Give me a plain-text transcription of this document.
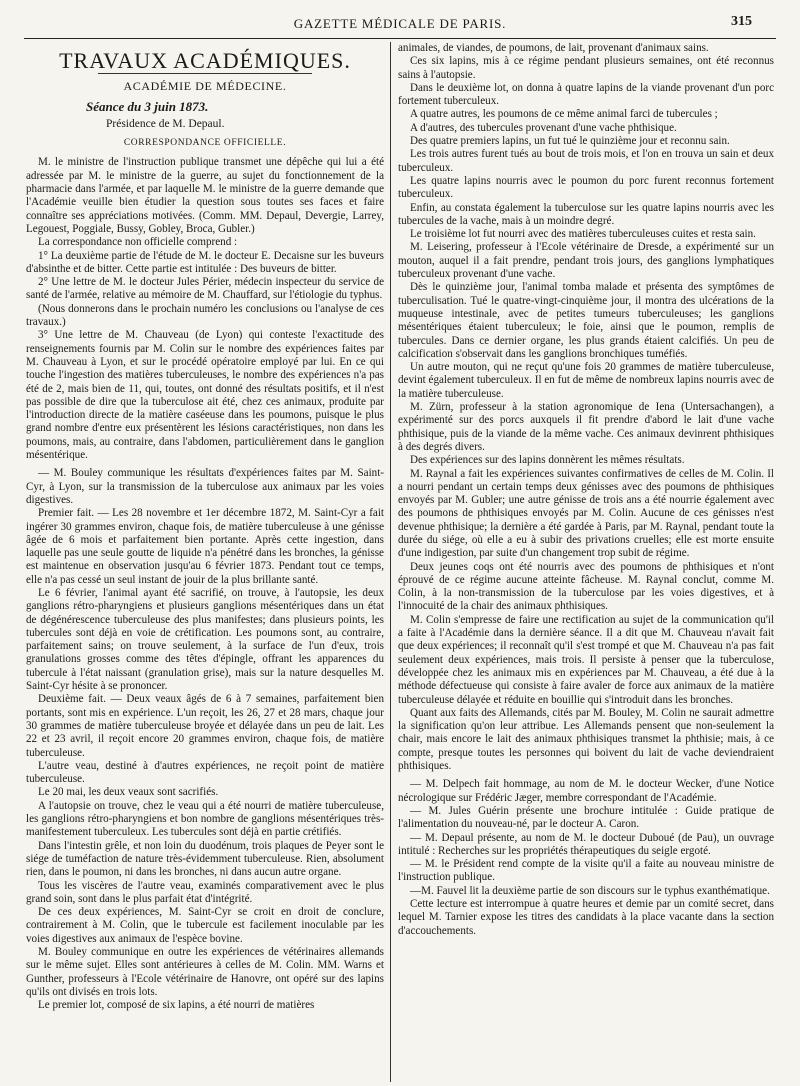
GAZETTE MÉDICALE DE PARIS.	315
TRAVAUX ACADÉMIQUES.
ACADÉMIE DE MÉDECINE.
Séance du 3 juin 1873.
Présidence de M. Depaul.
CORRESPONDANCE OFFICIELLE.

M. le ministre de l'instruction publique transmet une dépêche qui lui a été adressée par M. le ministre de la guerre, au sujet du fonctionnement de la pharmacie dans l'armée, et par laquelle M. le ministre de la guerre demande que l'Académie veuille bien étudier la question sous toutes ses faces et faire connaître ses appréciations motivées. (Comm. MM. Depaul, Devergie, Larrey, Legouest, Poggiale, Bussy, Gobley, Broca, Gubler.)

La correspondance non officielle comprend :

1° La deuxième partie de l'étude de M. le docteur E. Decaisne sur les buveurs d'absinthe et de bitter. Cette partie est intitulée : Des buveurs de bitter.

2° Une lettre de M. le docteur Jules Périer, médecin inspecteur du service de santé de l'armée, relative au mémoire de M. Chauffard, sur l'étiologie du typhus.

(Nous donnerons dans le prochain numéro les conclusions ou l'analyse de ces travaux.)

3° Une lettre de M. Chauveau (de Lyon) qui conteste l'exactitude des renseignements fournis par M. Colin sur le nombre des expériences faites par M. Chauveau à Lyon, et sur le procédé opératoire employé par lui. En ce qui touche l'ingestion des matières tuberculeuses, le nombre des expériences n'a pas été de 2, mais bien de 11, qui, toutes, ont donné des résultats positifs, et il n'est pas possible de dire que la tuberculose ait été, chez ces animaux, produite par l'introduction directe de la matière caséeuse dans les poumons, puisque le plus grand nombre d'entre eux présentèrent les lésions caractéristiques, non dans les poumons, mais, au contraire, dans l'abdomen, particulièrement dans le ganglion mésentérique.

— M. Bouley communique les résultats d'expériences faites par M. Saint-Cyr, à Lyon, sur la transmission de la tuberculose aux animaux par les voies digestives.

Premier fait. — Les 28 novembre et 1er décembre 1872, M. Saint-Cyr a fait ingérer 30 grammes environ, chaque fois, de matière tuberculeuse à une génisse âgée de 6 mois et parfaitement bien portante. Après cette ingestion, dans laquelle pas une seule goutte de liquide n'a pénétré dans les bronches, la génisse est maintenue en observation jusqu'au 6 février 1873. Pendant tout ce temps, elle n'a pas cessé un seul instant de jouir de la plus brillante santé.

Le 6 février, l'animal ayant été sacrifié, on trouve, à l'autopsie, les deux ganglions rétro-pharyngiens et plusieurs ganglions mésentériques dans un état de dégénérescence tuberculeuse des plus manifestes; dans plusieurs points, les tubercules sont déjà en voie de crétification. Les poumons sont, au contraire, parfaitement sains; on trouve seulement, à la surface de l'un d'eux, trois granulations grosses comme des têtes d'épingle, offrant les apparences du tubercule à l'état naissant (granulation grise), mais sur la nature desquelles M. Saint-Cyr hésite à se prononcer.

Deuxième fait. — Deux veaux âgés de 6 à 7 semaines, parfaitement bien portants, sont mis en expérience. L'un reçoit, les 26, 27 et 28 mars, chaque jour 30 grammes de matière tuberculeuse broyée et délayée dans un peu de lait. Les 22 et 23 avril, il reçoit encore 20 grammes environ, chaque fois, de matière tuberculeuse.

L'autre veau, destiné à d'autres expériences, ne reçoit point de matière tuberculeuse.

Le 20 mai, les deux veaux sont sacrifiés.

A l'autopsie on trouve, chez le veau qui a été nourri de matière tuberculeuse, les ganglions rétro-pharyngiens et bon nombre de ganglions mésentériques très-manifestement tuberculeux. Les tubercules sont déjà en partie crétifiés.

Dans l'intestin grêle, et non loin du duodénum, trois plaques de Peyer sont le siége de tuméfaction de nature très-évidemment tuberculeuse. Rien, absolument rien, dans le poumon, ni dans les bronches, ni dans aucun autre organe.

Tous les viscères de l'autre veau, examinés comparativement avec le plus grand soin, sont dans le plus parfait état d'intégrité.

De ces deux expériences, M. Saint-Cyr se croit en droit de conclure, contrairement à M. Colin, que le tubercule est facilement inoculable par les voies digestives aux animaux de l'espèce bovine.

M. Bouley communique en outre les expériences de vétérinaires allemands sur le même sujet. Elles sont antérieures à celles de M. Colin. MM. Warns et Gunther, professeurs à l'Ecole vétérinaire de Hanovre, ont opéré sur des lapins qu'ils ont divisés en trois lots.

Le premier lot, composé de six lapins, a été nourri de matières

animales, de viandes, de poumons, de lait, provenant d'animaux sains.

Ces six lapins, mis à ce régime pendant plusieurs semaines, ont été reconnus sains à l'autopsie.

Dans le deuxième lot, on donna à quatre lapins de la viande provenant d'un porc fortement tuberculeux.

A quatre autres, les poumons de ce même animal farci de tubercules ;

A d'autres, des tubercules provenant d'une vache phthisique.

Des quatre premiers lapins, un fut tué le quinzième jour et reconnu sain.

Les trois autres furent tués au bout de trois mois, et l'on en trouva un sain et deux tuberculeux.

Les quatre lapins nourris avec le poumon du porc furent reconnus fortement tuberculeux.

Enfin, au constata également la tuberculose sur les quatre lapins nourris avec les tubercules de la vache, mais à un moindre degré.

Le troisième lot fut nourri avec des matières tuberculeuses cuites et resta sain.

M. Leisering, professeur à l'Ecole vétérinaire de Dresde, a expérimenté sur un mouton, auquel il a fait prendre, pendant trois jours, des ganglions lymphatiques tuberculeux provenant d'une vache.

Dès le quinzième jour, l'animal tomba malade et présenta des symptômes de tuberculisation. Tué le quatre-vingt-cinquième jour, il montra des ulcérations de la muqueuse intestinale, avec de petites tumeurs tuberculeuses; les ganglions mésentériques étaient tuberculeux; le foie, ainsi que le poumon, remplis de tubercules. Dans ce dernier organe, les plus grands étaient calcifiés. Un peu de calcification s'observait dans les ganglions bronchiques tuméfiés.

Un autre mouton, qui ne reçut qu'une fois 20 grammes de matière tuberculeuse, devint également tuberculeux. Il en fut de même de nombreux lapins nourris avec de la matière tuberculeuse.

M. Zürn, professeur à la station agronomique de Iena (Untersachangen), a expérimenté sur des porcs auxquels il fit prendre d'abord le lait d'une vache phthisique, puis de la viande de la même vache. Ces animaux devinrent phthisiques à des degrés divers.

Des expériences sur des lapins donnèrent les mêmes résultats.

M. Raynal a fait les expériences suivantes confirmatives de celles de M. Colin. Il a nourri pendant un certain temps deux génisses avec des poumons de phthisiques envoyés par M. Gubler; une autre génisse de trois ans a été nourrie également avec des poumons de phthisiques envoyés par M. Colin. Aucune de ces génisses n'est devenue phthisique; la dernière a été gardée à Paris, par M. Raynal, pendant toute la durée du siége, où elle a eu à subir des privations cruelles; elle est morte ensuite d'une indigestion, par suite d'un changement trop subit de régime.

Deux jeunes coqs ont été nourris avec des poumons de phthisiques et n'ont éprouvé de ce régime aucune atteinte fâcheuse. M. Raynal conclut, comme M. Colin, à la non-transmission de la tuberculose par les voies digestives, et à l'innocuité de la chair des animaux phthisiques.

M. Colin s'empresse de faire une rectification au sujet de la communication qu'il a faite à l'Académie dans la dernière séance. Il a dit que M. Chauveau n'avait fait que deux expériences; il reconnaît qu'il s'est trompé et que M. Chauveau n'a pas fait seulement deux expériences, mais trois. Il persiste à penser que la tuberculose, développée chez les animaux mis en expériences par M. Chauveau, a été due à la méthode défectueuse qui consiste à faire avaler de force aux animaux de la matière tuberculeuse délayée et réduite en bouillie qui s'introduit dans les bronches.

Quant aux faits des Allemands, cités par M. Bouley, M. Colin ne saurait admettre la signification qu'on leur attribue. Les Allemands pensent que non-seulement la chair, mais encore le lait des animaux phthisiques transmet la phthisie; mais, à ce compte, presque toutes les personnes qui boivent du lait de vache deviendraient phthisiques.

— M. Delpech fait hommage, au nom de M. le docteur Wecker, d'une Notice nécrologique sur Frédéric Jæger, membre correspondant de l'Académie.

— M. Jules Guérin présente une brochure intitulée : Guide pratique de l'alimentation du nouveau-né, par le docteur A. Caron.

— M. Depaul présente, au nom de M. le docteur Duboué (de Pau), un ouvrage intitulé : Recherches sur les propriétés thérapeutiques du seigle ergoté.

— M. le Président rend compte de la visite qu'il a faite au nouveau ministre de l'instruction publique.

—M. Fauvel lit la deuxième partie de son discours sur le typhus exanthématique.

Cette lecture est interrompue à quatre heures et demie par un comité secret, dans lequel M. Tarnier expose les titres des candidats à la place vacante dans la section d'accouchements.
